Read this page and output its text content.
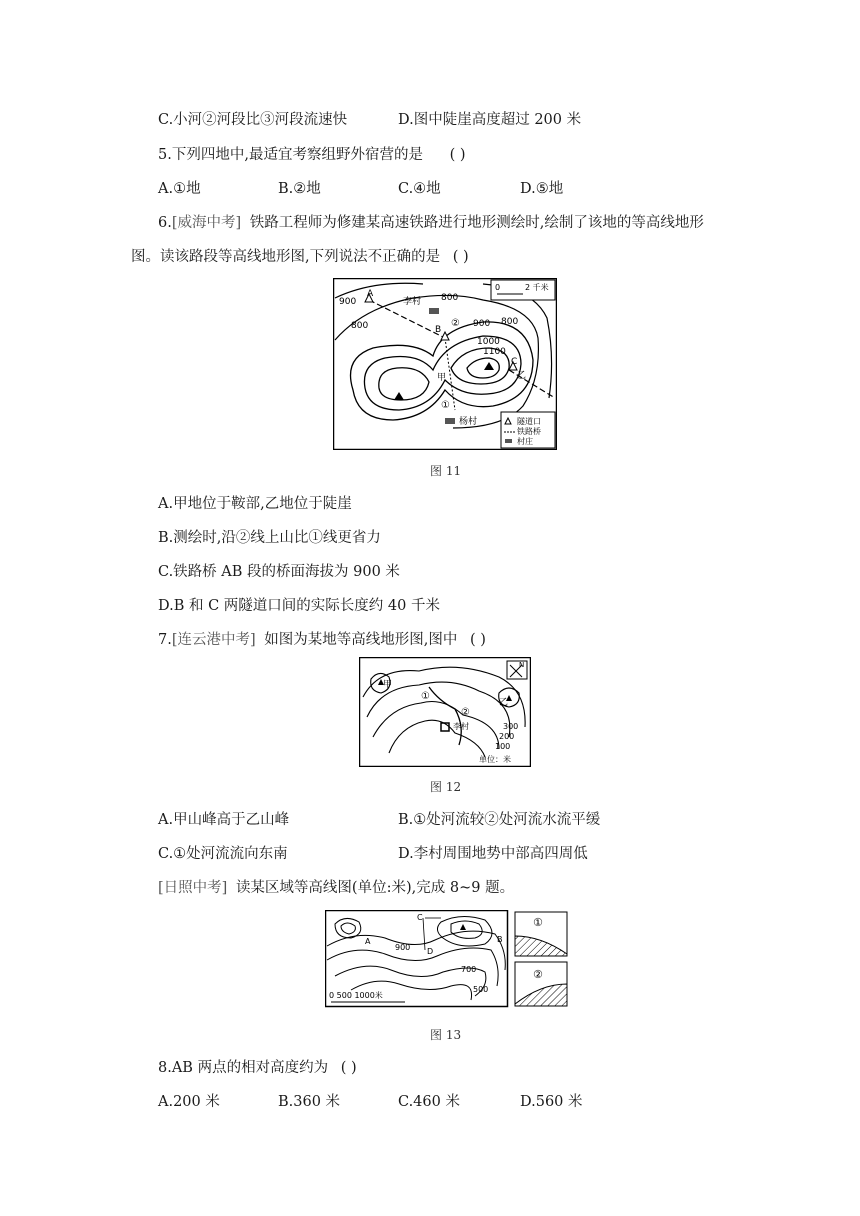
C.小河②河段比③河段流速快	D.图中陡崖高度超过 200 米
5.下列四地中,最适宜考察组野外宿营的是 ( )
A.①地	B.②地	C.④地	D.⑤地
6.[威海中考] 铁路工程师为修建某高速铁路进行地形测绘时,绘制了该地的等高线地形
图。读该路段等高线地形图,下列说法不正确的是 ( )
900
800
800
800
900
1100
1000
李村
杨村
甲
A
B
C
乙
①
②
0	2 千米
隧道口
铁路桥
村庄
图 11
A.甲地位于鞍部,乙地位于陡崖
B.测绘时,沿②线上山比①线更省力
C.铁路桥 AB 段的桥面海拔为 900 米
D.B 和 C 两隧道口间的实际长度约 40 千米
7.[连云港中考] 如图为某地等高线地形图,图中 ( )
甲
乙
①
②
李村	300
200
100
单位：米
N
图 12
A.甲山峰高于乙山峰	B.①处河流较②处河流水流平缓
C.①处河流流向东南	D.李村周围地势中部高四周低
[日照中考] 读某区域等高线图(单位:米),完成 8~9 题。
A	B
C
D
900
700
500
0 500 1000米
①
②
图 13
8.AB 两点的相对高度约为 ( )
A.200 米	B.360 米	C.460 米	D.560 米
